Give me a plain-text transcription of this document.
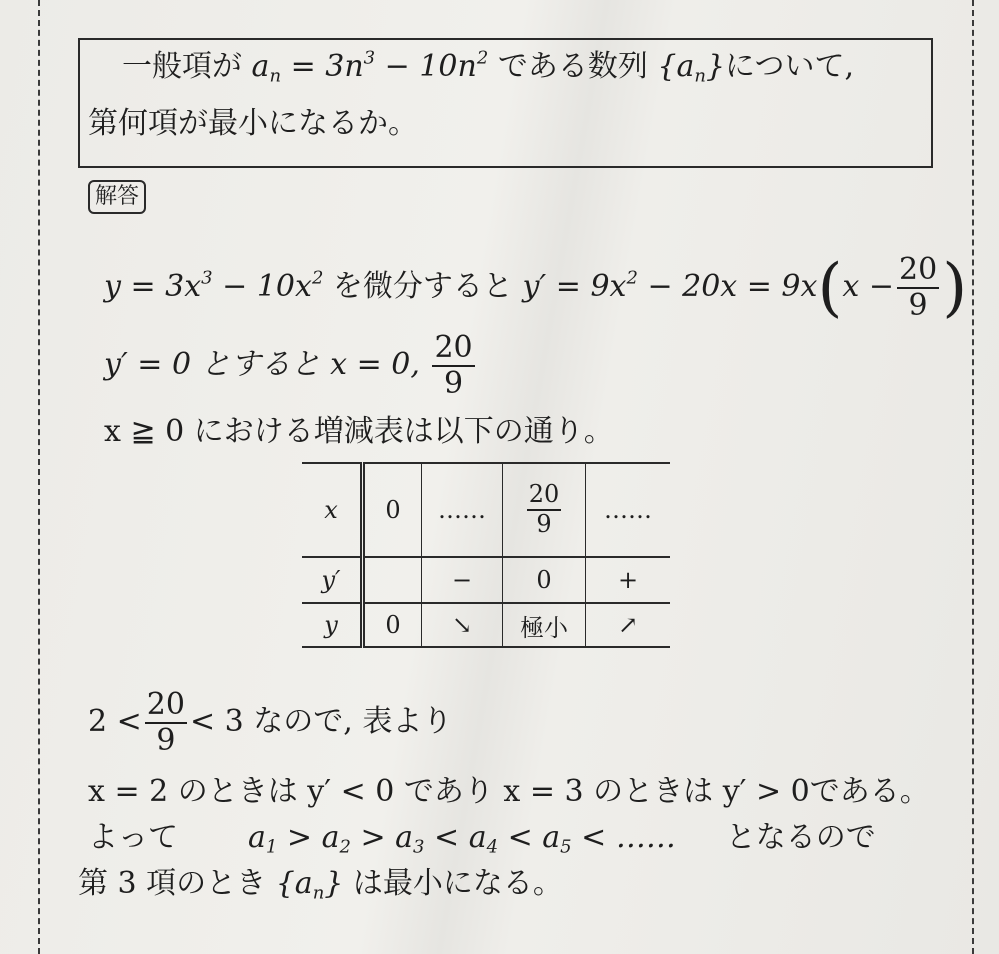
一般項が $a_n = 3n^3 - 10n^2$ である数列 $\{a_n\}$について,
第何項が最小になるか。
解答
$y = 3x^3 - 10x^2$ を微分すると $y' = 9x^2 - 20x = 9x(x - \frac{20}{9}$ )
y′ = 0 とすると x = 0, $\frac{20}{9}$
x ≧ 0 における増減表は以下の通り。
x	0	……	$\frac{20}{9}$	……
y′		−	0	+
y	0	↘	極小	↗
$2 < \frac{20}{9} < 3$ なので, 表より
x = 2 のときは y′ < 0 であり x = 3 のときは y′ > 0である。
よって $a_1 > a_2 > a_3 < a_4 < a_5$ < …… となるので
第 3 項のとき $\{a_n\}$ は最小になる。
